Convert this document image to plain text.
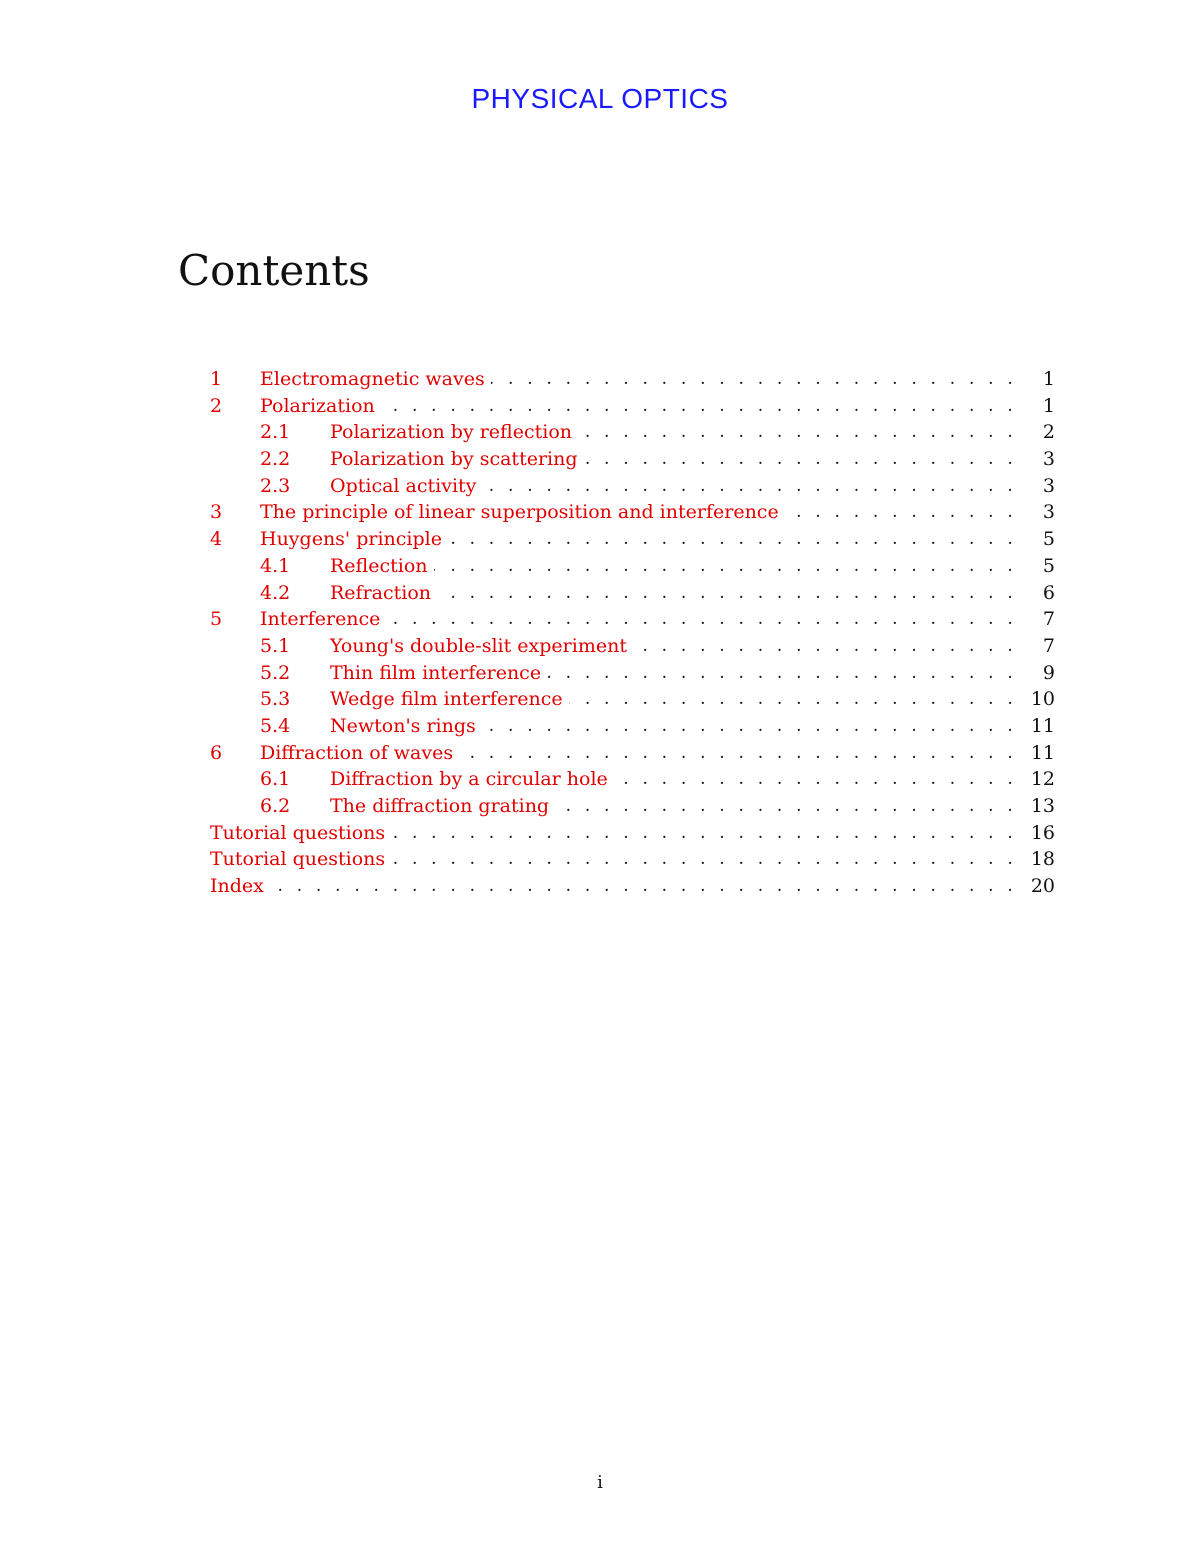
PHYSICAL OPTICS
Contents
1	Electromagnetic waves . . .	1
2	Polarization . . .	1
2.1	Polarization by reflection . . .	2
2.2	Polarization by scattering . . .	3
2.3	Optical activity . . .	3
3	The principle of linear superposition and interference . . .	3
4	Huygens' principle . . .	5
4.1	Reflection . . .	5
4.2	Refraction . . .	6
5	Interference . . .	7
5.1	Young's double-slit experiment . . .	7
5.2	Thin film interference . . .	9
5.3	Wedge film interference . . .	10
5.4	Newton's rings . . .	11
6	Diffraction of waves . . .	11
6.1	Diffraction by a circular hole . . .	12
6.2	The diffraction grating . . .	13
Tutorial questions . . .	16
Tutorial questions . . .	18
Index . . .	20
i
